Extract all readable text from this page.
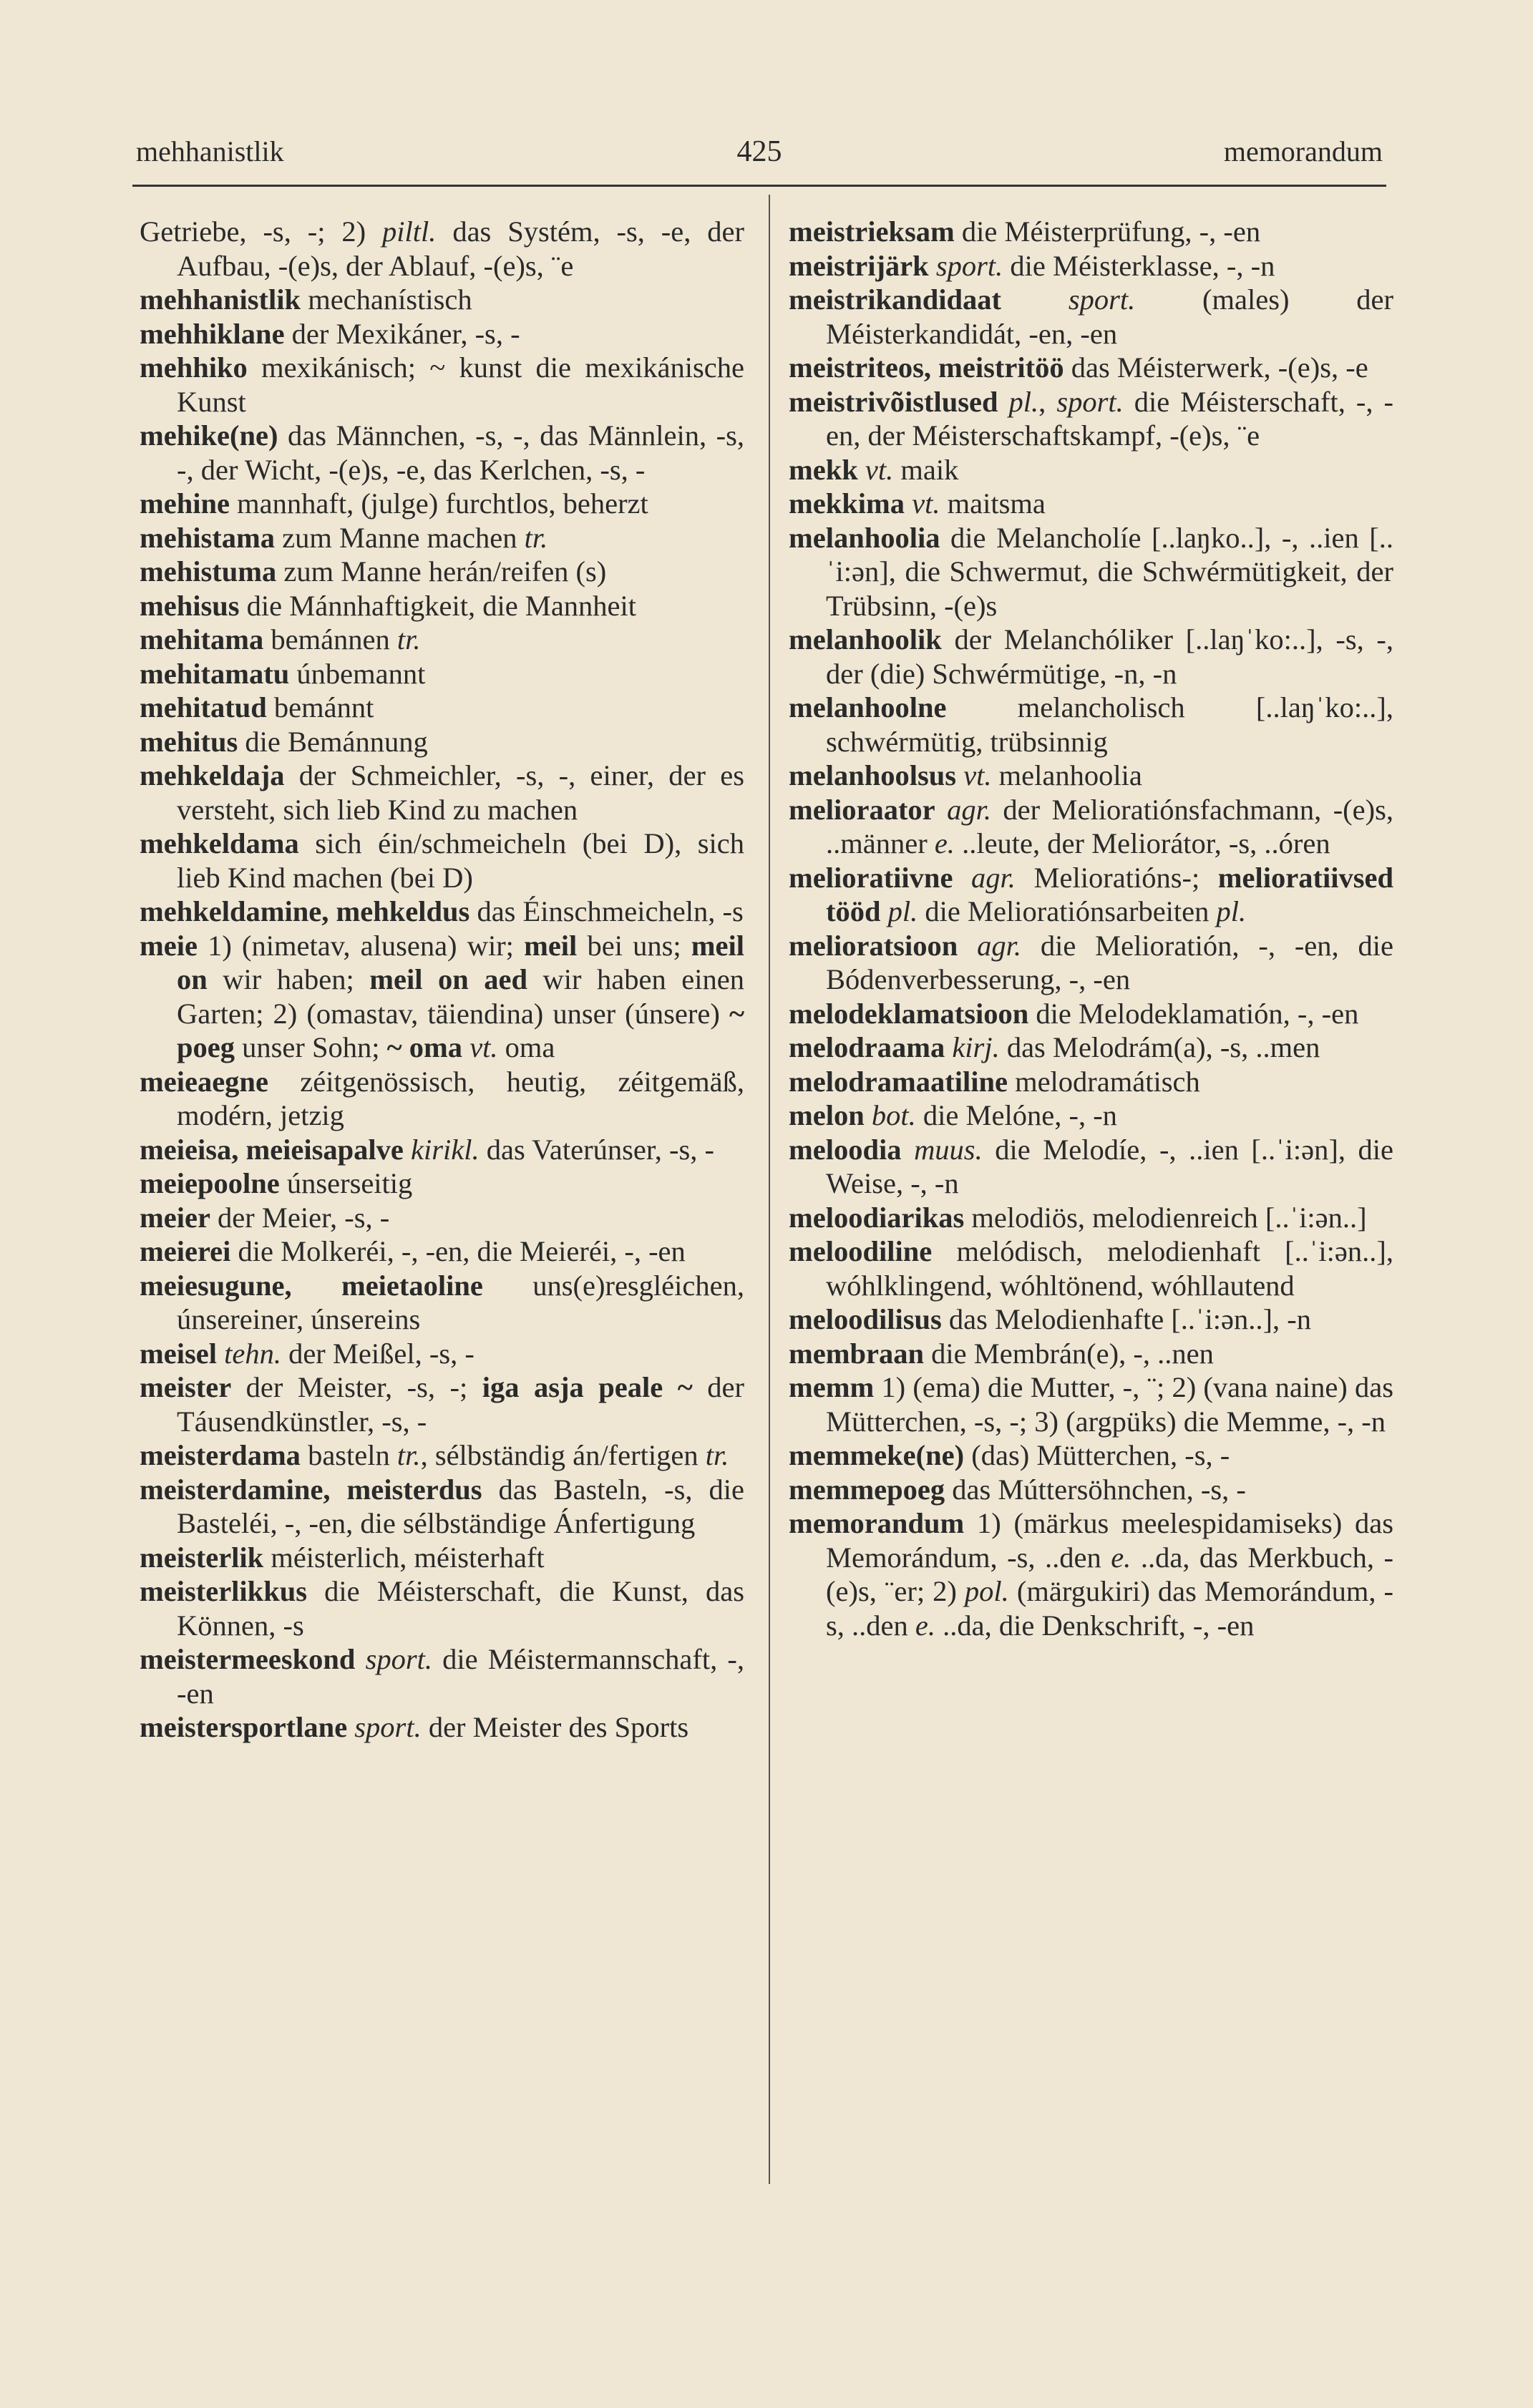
mehhanistlik	425	memorandum

Getriebe, -s, -; 2) piltl. das Systém, -s, -e, der Aufbau, -(e)s, der Ablauf, -(e)s, ¨e

mehhanistlik mechanístisch

mehhiklane der Mexikáner, -s, -

mehhiko mexikánisch; ~ kunst die mexikánische Kunst

mehike(ne) das Männchen, -s, -, das Männlein, -s, -, der Wicht, -(e)s, -e, das Kerlchen, -s, -

mehine mannhaft, (julge) furchtlos, beherzt

mehistama zum Manne machen tr.

mehistuma zum Manne herán/reifen (s)

mehisus die Mánnhaftigkeit, die Mannheit

mehitama bemánnen tr.

mehitamatu únbemannt

mehitatud bemánnt

mehitus die Bemánnung

mehkeldaja der Schmeichler, -s, -, einer, der es versteht, sich lieb Kind zu machen

mehkeldama sich éin/schmeicheln (bei D), sich lieb Kind machen (bei D)

mehkeldamine, mehkeldus das Éinschmeicheln, -s

meie 1) (nimetav, alusena) wir; meil bei uns; meil on wir haben; meil on aed wir haben einen Garten; 2) (omastav, täiendina) unser (únsere) ~ poeg unser Sohn; ~ oma vt. oma

meieaegne zéitgenössisch, heutig, zéitgemäß, modérn, jetzig

meieisa, meieisapalve kirikl. das Vaterúnser, -s, -

meiepoolne únserseitig

meier der Meier, -s, -

meierei die Molkeréi, -, -en, die Meieréi, -, -en

meiesugune, meietaoline uns(e)resgléichen, únsereiner, únsereins

meisel tehn. der Meißel, -s, -

meister der Meister, -s, -; iga asja peale ~ der Táusendkünstler, -s, -

meisterdama basteln tr., sélbständig án/fertigen tr.

meisterdamine, meisterdus das Basteln, -s, die Basteléi, -, -en, die sélbständige Ánfertigung

meisterlik méisterlich, méisterhaft

meisterlikkus die Méisterschaft, die Kunst, das Können, -s

meistermeeskond sport. die Méistermannschaft, -, -en

meistersportlane sport. der Meister des Sports

meistrieksam die Méisterprüfung, -, -en

meistrijärk sport. die Méisterklasse, -, -n

meistrikandidaat sport. (males) der Méisterkandidát, -en, -en

meistriteos, meistritöö das Méisterwerk, -(e)s, -e

meistrivõistlused pl., sport. die Méisterschaft, -, -en, der Méisterschaftskampf, -(e)s, ¨e

mekk vt. maik

mekkima vt. maitsma

melanhoolia die Melancholíe [..laŋko..], -, ..ien [..ˈi:ən], die Schwermut, die Schwérmütigkeit, der Trübsinn, -(e)s

melanhoolik der Melanchóliker [..laŋˈko:..], -s, -, der (die) Schwérmütige, -n, -n

melanhoolne melancholisch [..laŋˈko:..], schwérmütig, trübsinnig

melanhoolsus vt. melanhoolia

melioraator agr. der Melioratiónsfachmann, -(e)s, ..männer e. ..leute, der Meliorátor, -s, ..óren

melioratiivne agr. Melioratións-; melioratiivsed tööd pl. die Melioratiónsarbeiten pl.

melioratsioon agr. die Melioratión, -, -en, die Bódenverbesserung, -, -en

melodeklamatsioon die Melodeklamatión, -, -en

melodraama kirj. das Melodrám(a), -s, ..men

melodramaatiline melodramátisch

melon bot. die Melóne, -, -n

meloodia muus. die Melodíe, -, ..ien [..ˈi:ən], die Weise, -, -n

meloodiarikas melodiös, melodienreich [..ˈi:ən..]

meloodiline melódisch, melodienhaft [..ˈi:ən..], wóhlklingend, wóhltönend, wóhllautend

meloodilisus das Melodienhafte [..ˈi:ən..], -n

membraan die Membrán(e), -, ..nen

memm 1) (ema) die Mutter, -, ¨; 2) (vana naine) das Mütterchen, -s, -; 3) (argpüks) die Memme, -, -n

memmeke(ne) (das) Mütterchen, -s, -

memmepoeg das Múttersöhnchen, -s, -

memorandum 1) (märkus meelespidamiseks) das Memorándum, -s, ..den e. ..da, das Merkbuch, -(e)s, ¨er; 2) pol. (märgukiri) das Memorándum, -s, ..den e. ..da, die Denkschrift, -, -en
